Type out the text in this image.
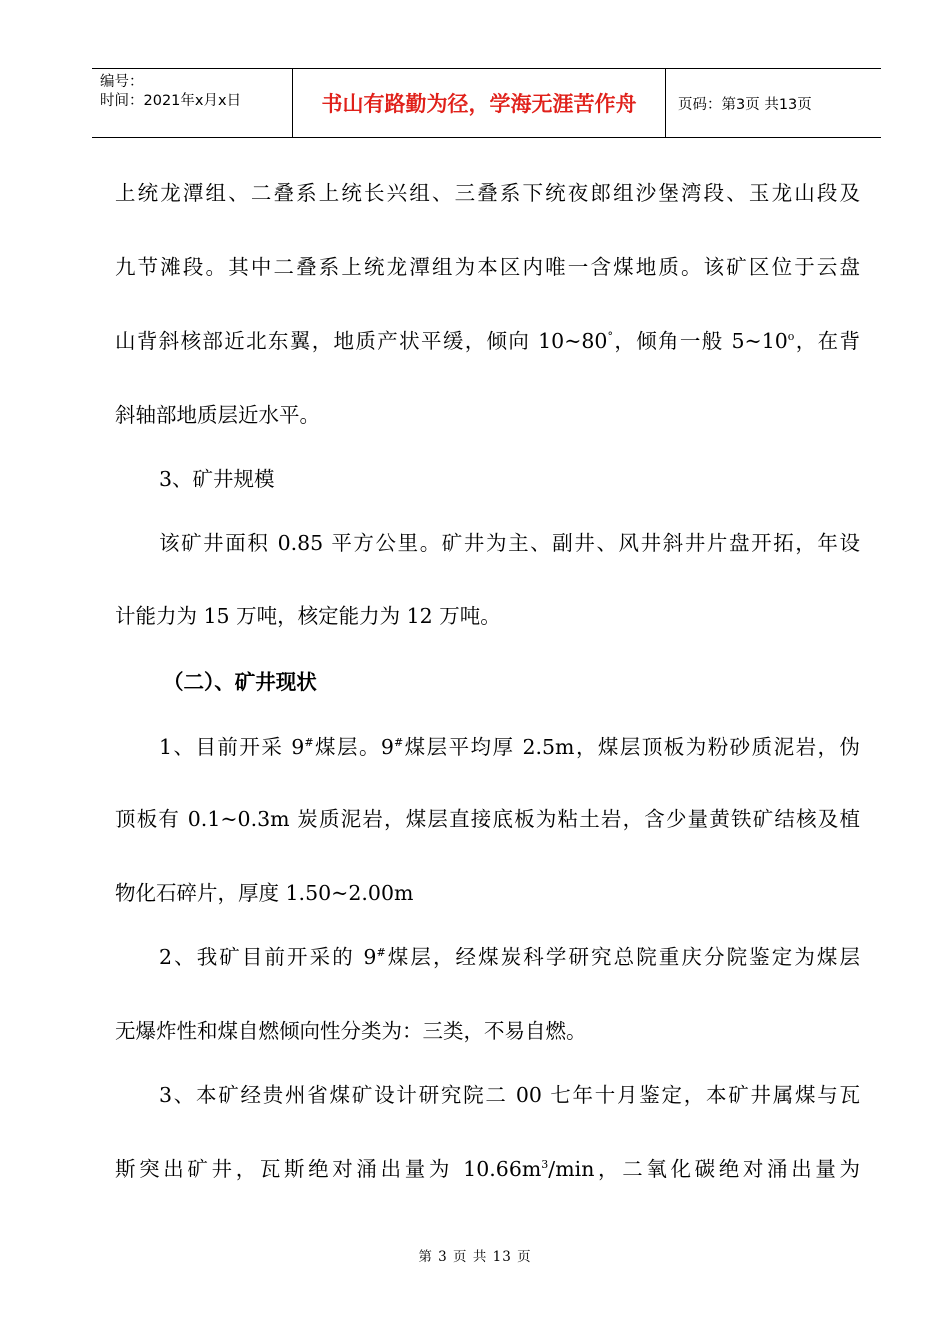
编号：
时间：2021年x月x日	书山有路勤为径，学海无涯苦作舟	页码：第3页 共13页
上统龙潭组、二叠系上统长兴组、三叠系下统夜郎组沙堡湾段、玉龙山段及
九节滩段。其中二叠系上统龙潭组为本区内唯一含煤地质。该矿区位于云盘
山背斜核部近北东翼，地质产状平缓，倾向 10~80°，倾角一般 5~10$^o$，在背
斜轴部地质层近水平。
3、矿井规模
该矿井面积 0.85 平方公里。矿井为主、副井、风井斜井片盘开拓，年设
计能力为 15 万吨，核定能力为 12 万吨。
（二）、矿井现状
1、目前开采 9#煤层。9#煤层平均厚 2.5m，煤层顶板为粉砂质泥岩，伪
顶板有 0.1~0.3m 炭质泥岩，煤层直接底板为粘土岩，含少量黄铁矿结核及植
物化石碎片，厚度 1.50~2.00m
2、我矿目前开采的 9#煤层，经煤炭科学研究总院重庆分院鉴定为煤层
无爆炸性和煤自燃倾向性分类为：三类，不易自燃。
3、本矿经贵州省煤矿设计研究院二 00 七年十月鉴定，本矿井属煤与瓦
斯突出矿井，瓦斯绝对涌出量为 $10.66m^3/\min$，二氧化碳绝对涌出量为
第 3 页 共 13 页
